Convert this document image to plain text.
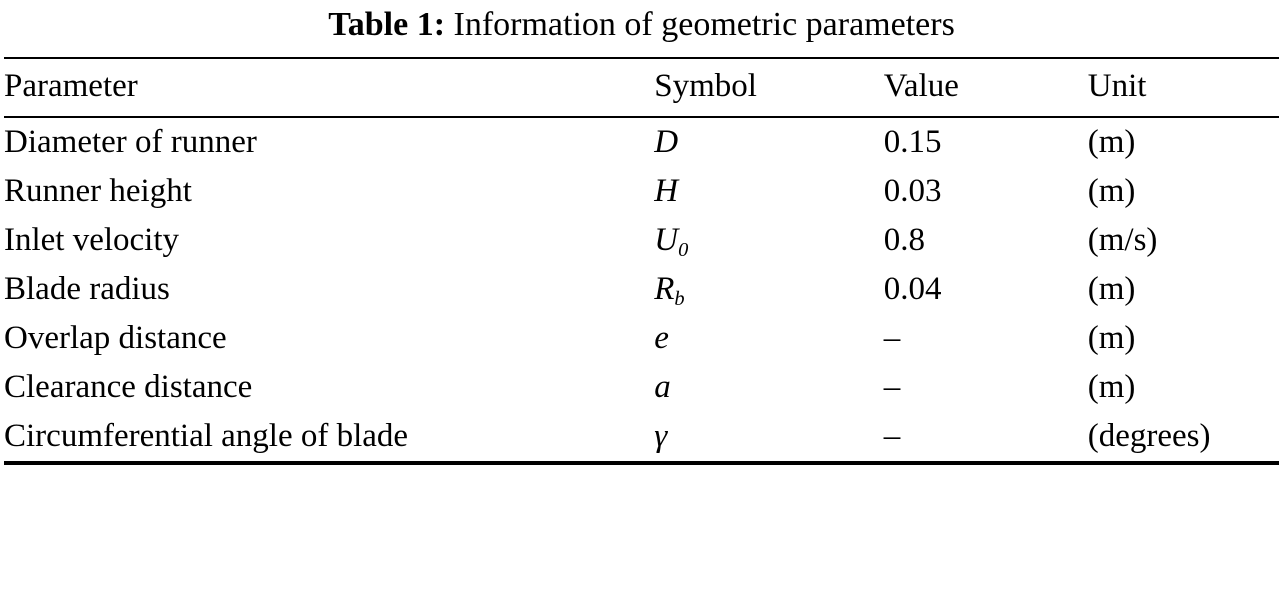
Table 1: Information of geometric parameters
Parameter	Symbol	Value	Unit
Diameter of runner	D	0.15	(m)
Runner height	H	0.03	(m)
Inlet velocity	$U_0$	0.8	(m/s)
Blade radius	$R_b$	0.04	(m)
Overlap distance	e	–	(m)
Clearance distance	a	–	(m)
Circumferential angle of blade	γ	–	(degrees)
